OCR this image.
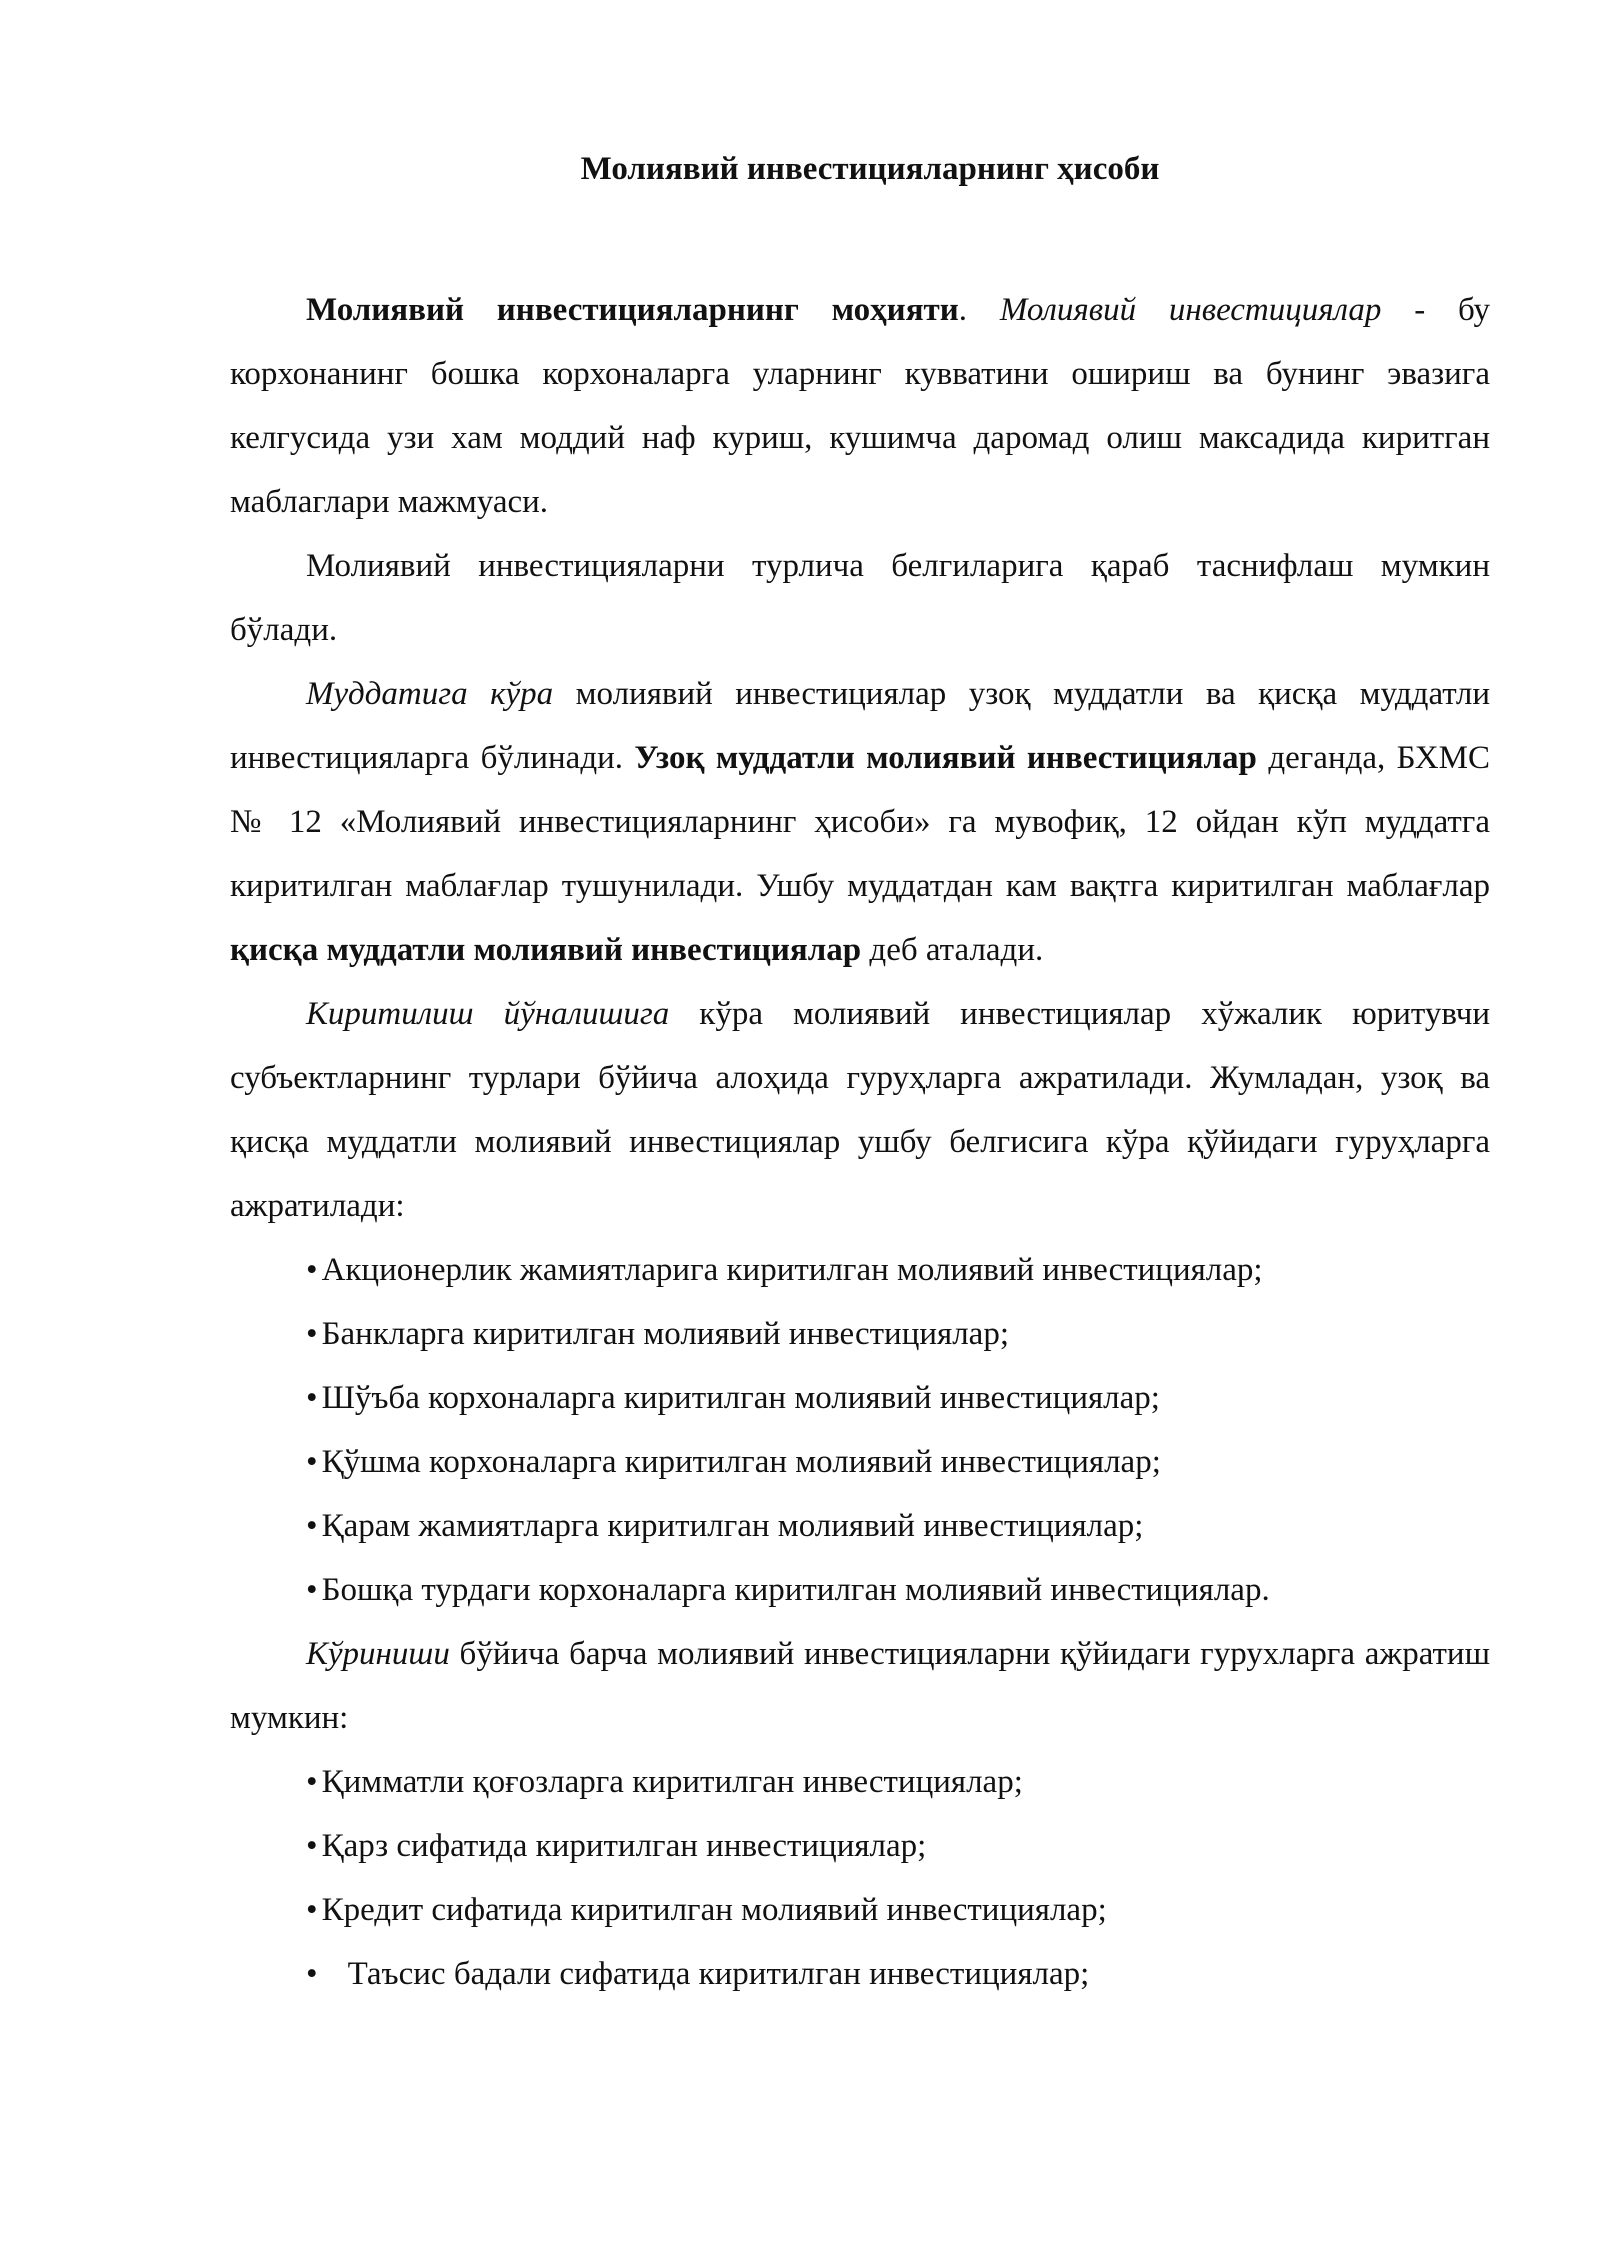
Молиявий инвестицияларнинг ҳисоби

Молиявий инвестицияларнинг моҳияти. Молиявий инвестициялар - бу корхонанинг бошка корхоналарга уларнинг кувватини ошириш ва бунинг эвазига келгусида узи хам моддий наф куриш, кушимча даромад олиш максадида киритган маблаглари мажмуаси.

Молиявий инвестицияларни турлича белгиларига қараб таснифлаш мумкин бўлади.

Муддатига кўра молиявий инвестициялар узоқ муддатли ва қисқа муддатли инвестицияларга бўлинади. Узоқ муддатли молиявий инвестициялар деганда, БХМС № 12 «Молиявий инвестицияларнинг ҳисоби» га мувофиқ, 12 ойдан кўп муддатга киритилган маблағлар тушунилади. Ушбу муддатдан кам вақтга киритилган маблағлар қисқа муддатли молиявий инвестициялар деб аталади.

Киритилиш йўналишига кўра молиявий инвестициялар хўжалик юритувчи субъектларнинг турлари бўйича алоҳида гуруҳларга ажратилади. Жумладан, узоқ ва қисқа муддатли молиявий инвестициялар ушбу белгисига кўра қўйидаги гуруҳларга ажратилади:

• Акционерлик жамиятларига киритилган молиявий инвестициялар;
• Банкларга киритилган молиявий инвестициялар;
• Шўъба корхоналарга киритилган молиявий инвестициялар;
• Қўшма корхоналарга киритилган молиявий инвестициялар;
• Қарам жамиятларга киритилган молиявий инвестициялар;
• Бошқа турдаги корхоналарга киритилган молиявий инвестициялар.

Кўриниши бўйича барча молиявий инвестицияларни қўйидаги гурухларга ажратиш мумкин:

• Қимматли қоғозларга киритилган инвестициялар;
• Қарз сифатида киритилган инвестициялар;
• Кредит сифатида киритилган молиявий инвестициялар;
• Таъсис бадали сифатида киритилган инвестициялар;
